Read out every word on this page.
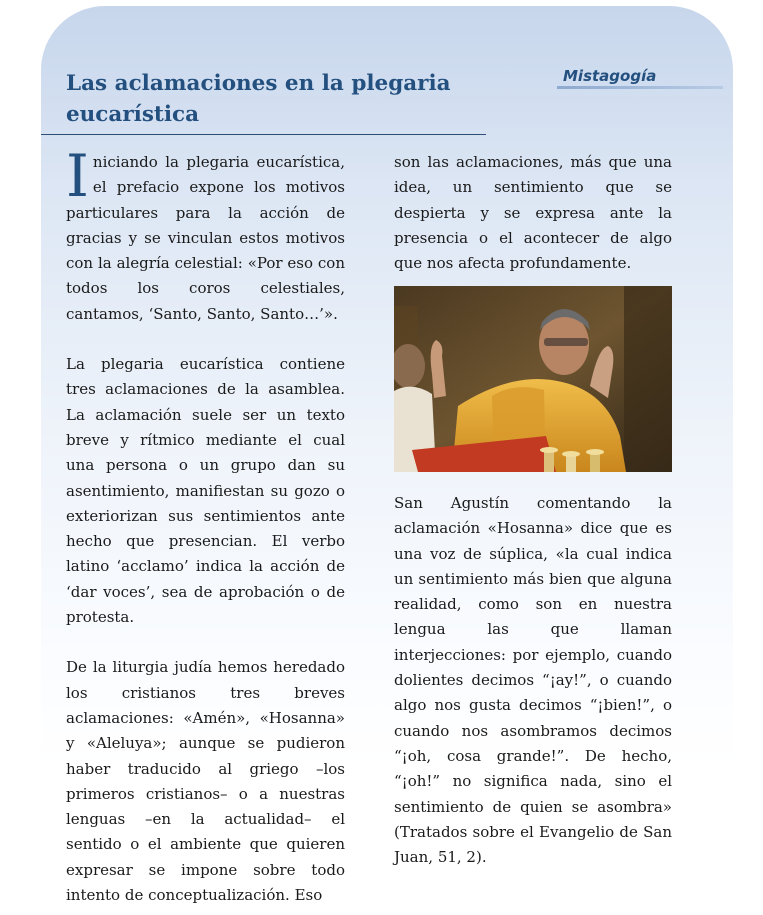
Las aclamaciones en la plegaria eucarística
Mistagogía

Iniciando la plegaria eucarística, el prefacio expone los motivos particulares para la acción de gracias y se vinculan estos motivos con la alegría celestial: «Por eso con todos los coros celestiales, cantamos, ‘Santo, Santo, Santo…’».

La plegaria eucarística contiene tres aclamaciones de la asamblea. La aclamación suele ser un texto breve y rítmico mediante el cual una persona o un grupo dan su asentimiento, manifiestan su gozo o exteriorizan sus sentimientos ante hecho que presencian. El verbo latino ‘acclamo’ indica la acción de ‘dar voces’, sea de aprobación o de protesta.

De la liturgia judía hemos heredado los cristianos tres breves aclamaciones: «Amén», «Hosanna» y «Aleluya»; aunque se pudieron haber traducido al griego –los primeros cristianos– o a nuestras lenguas –en la actualidad– el sentido o el ambiente que quieren expresar se impone sobre todo intento de conceptualización. Eso

son las aclamaciones, más que una idea, un sentimiento que se despierta y se expresa ante la presencia o el acontecer de algo que nos afecta profundamente.

San Agustín comentando la aclamación «Hosanna» dice que es una voz de súplica, «la cual indica un sentimiento más bien que alguna realidad, como son en nuestra lengua las que llaman interjecciones: por ejemplo, cuando dolientes decimos “¡ay!”, o cuando algo nos gusta decimos “¡bien!”, o cuando nos asombramos decimos “¡oh, cosa grande!”. De hecho, “¡oh!” no significa nada, sino el sentimiento de quien se asombra» (Tratados sobre el Evangelio de San Juan, 51, 2).
